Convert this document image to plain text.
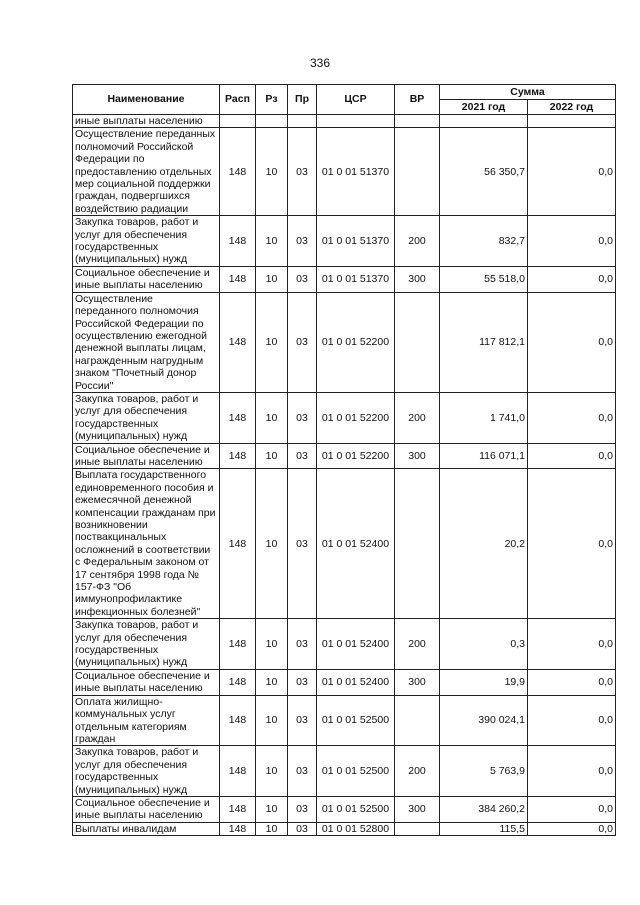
336
Наименование	Расп	Рз	Пр	ЦСР	ВР	Сумма	
						2021 год	2022 год
иные выплаты населению							
Осуществление переданных полномочий Российской Федерации по предоставлению отдельных мер социальной поддержки граждан, подвергшихся воздействию радиации	148	10	03	01 0 01 51370		56 350,7	0,0
Закупка товаров, работ и услуг для обеспечения государственных (муниципальных) нужд	148	10	03	01 0 01 51370	200	832,7	0,0
Социальное обеспечение и иные выплаты населению	148	10	03	01 0 01 51370	300	55 518,0	0,0
Осуществление переданного полномочия Российской Федерации по осуществлению ежегодной денежной выплаты лицам, награжденным нагрудным знаком "Почетный донор России"	148	10	03	01 0 01 52200		117 812,1	0,0
Закупка товаров, работ и услуг для обеспечения государственных (муниципальных) нужд	148	10	03	01 0 01 52200	200	1 741,0	0,0
Социальное обеспечение и иные выплаты населению	148	10	03	01 0 01 52200	300	116 071,1	0,0
Выплата государственного единовременного пособия и ежемесячной денежной компенсации гражданам при возникновении поствакцинальных осложнений в соответствии с Федеральным законом от 17 сентября 1998 года № 157-ФЗ "Об иммунопрофилактике инфекционных болезней"	148	10	03	01 0 01 52400		20,2	0,0
Закупка товаров, работ и услуг для обеспечения государственных (муниципальных) нужд	148	10	03	01 0 01 52400	200	0,3	0,0
Социальное обеспечение и иные выплаты населению	148	10	03	01 0 01 52400	300	19,9	0,0
Оплата жилищно-коммунальных услуг отдельным категориям граждан	148	10	03	01 0 01 52500		390 024,1	0,0
Закупка товаров, работ и услуг для обеспечения государственных (муниципальных) нужд	148	10	03	01 0 01 52500	200	5 763,9	0,0
Социальное обеспечение и иные выплаты населению	148	10	03	01 0 01 52500	300	384 260,2	0,0
Выплаты инвалидам	148	10	03	01 0 01 52800		115,5	0,0
